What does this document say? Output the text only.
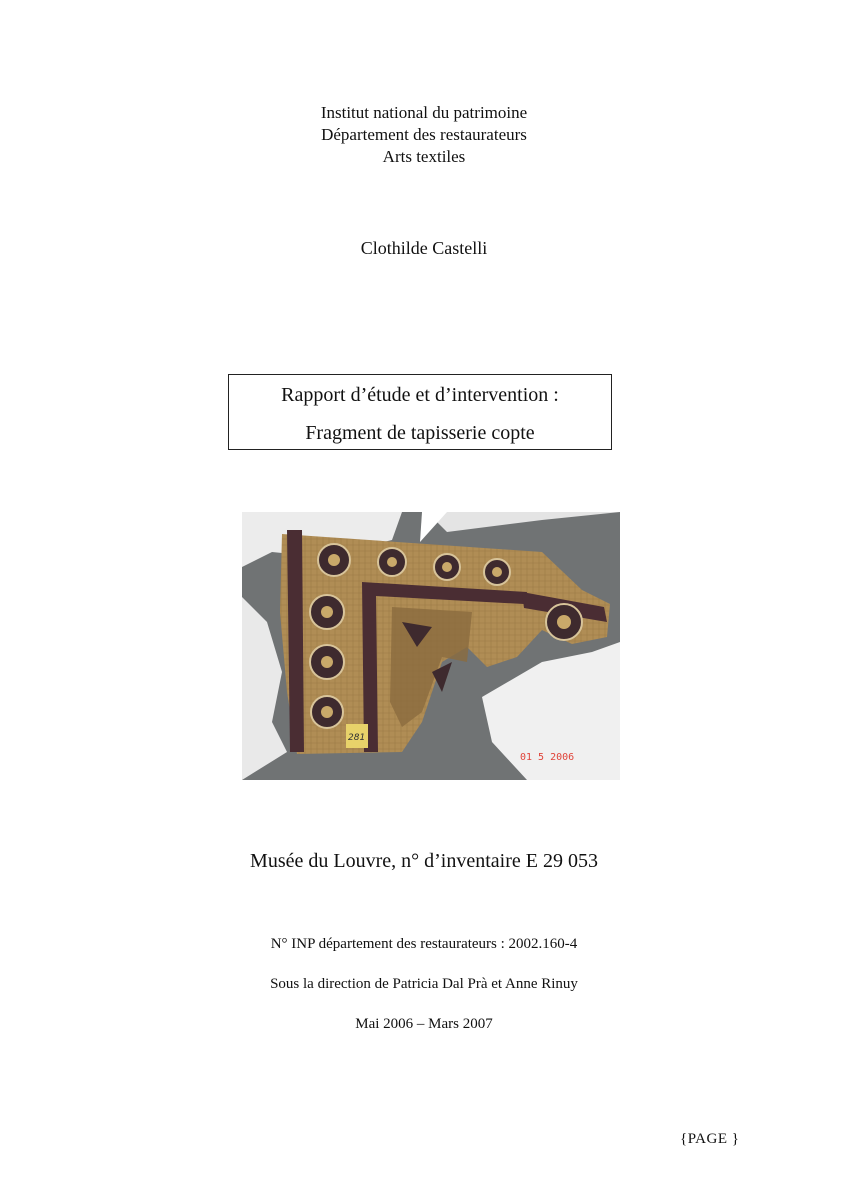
Institut national du patrimoine
Département des restaurateurs
Arts textiles
Clothilde Castelli
Rapport d’étude et d’intervention :
Fragment de tapisserie copte
281
01 5 2006
Musée du Louvre, n° d’inventaire E 29 053
N° INP département des restaurateurs : 2002.160-4
Sous la direction de Patricia Dal Prà et Anne Rinuy
Mai 2006 – Mars 2007
{PAGE }
